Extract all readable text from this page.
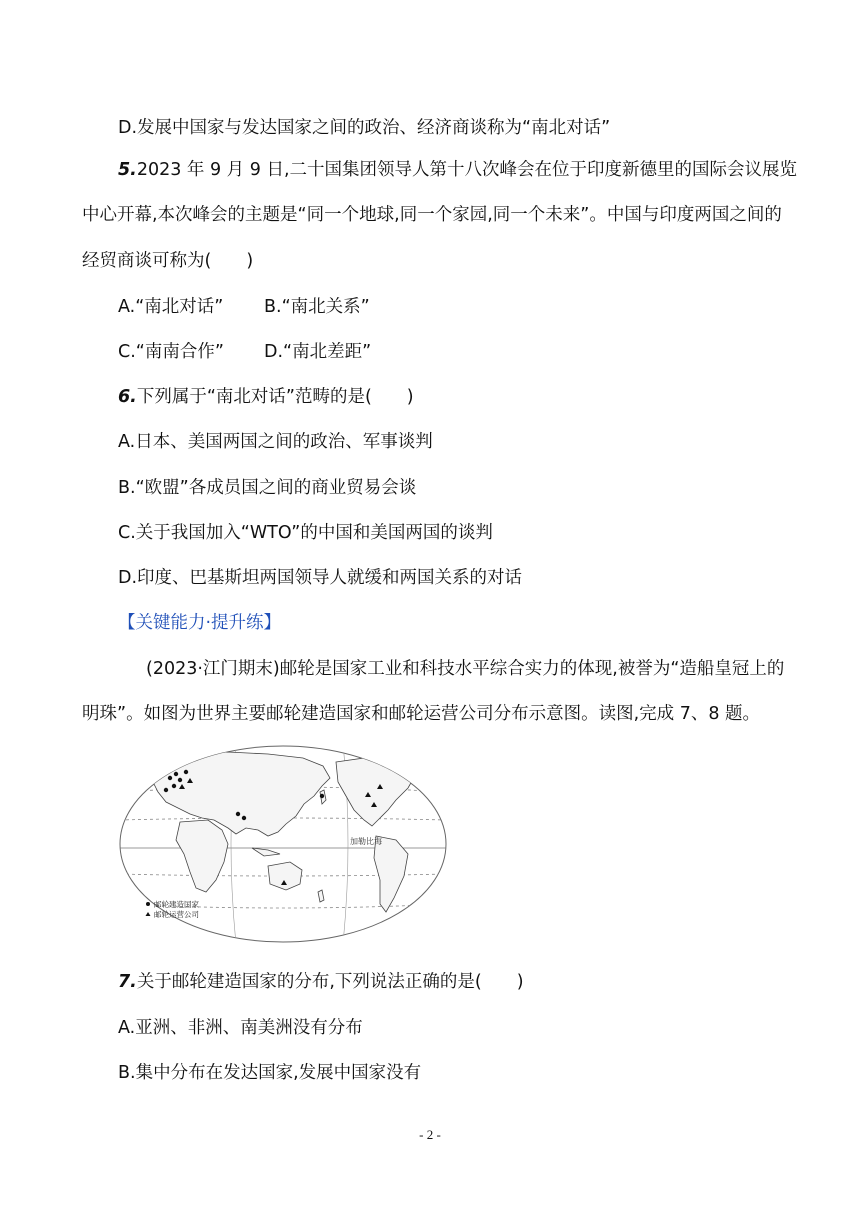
D.发展中国家与发达国家之间的政治、经济商谈称为“南北对话”
5.2023 年 9 月 9 日,二十国集团领导人第十八次峰会在位于印度新德里的国际会议展览
中心开幕,本次峰会的主题是“同一个地球,同一个家园,同一个未来”。中国与印度两国之间的
经贸商谈可称为(　　)
A.“南北对话” B.“南北关系”
C.“南南合作” D.“南北差距”
6.下列属于“南北对话”范畴的是(　　)
A.日本、美国两国之间的政治、军事谈判
B.“欧盟”各成员国之间的商业贸易会谈
C.关于我国加入“WTO”的中国和美国两国的谈判
D.印度、巴基斯坦两国领导人就缓和两国关系的对话
【关键能力·提升练】
(2023·江门期末)邮轮是国家工业和科技水平综合实力的体现,被誉为“造船皇冠上的
明珠”。如图为世界主要邮轮建造国家和邮轮运营公司分布示意图。读图,完成 7、8 题。
加勒比海
邮轮建造国家
邮轮运营公司
7.关于邮轮建造国家的分布,下列说法正确的是(　　)
A.亚洲、非洲、南美洲没有分布
B.集中分布在发达国家,发展中国家没有
- 2 -
